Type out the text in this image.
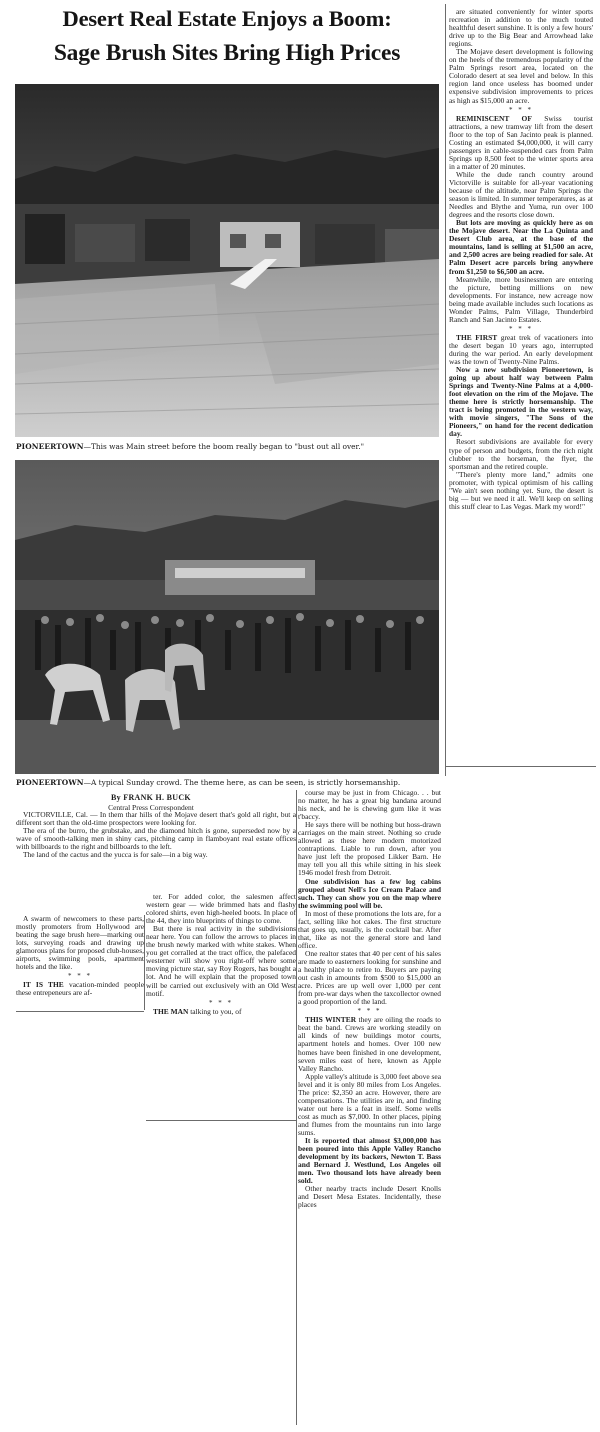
Desert Real Estate Enjoys a Boom:
Sage Brush Sites Bring High Prices
PIONEERTOWN—This was Main street before the boom really began to "bust out all over."
PIONEERTOWN—A typical Sunday crowd. The theme here, as can be seen, is strictly horsemanship.
By FRANK H. BUCK
Central Press Correspondent

VICTORVILLE, Cal. — In them thar hills of the Mojave desert that's gold all right, but a different sort than the old-time prospectors were looking for.

The era of the burro, the grubstake, and the diamond hitch is gone, superseded now by a wave of smooth-talking men in shiny cars, pitching camp in flamboyant real estate offices with billboards to the right and billboards to the left.

The land of the cactus and the yucca is for sale—in a big way.

A swarm of newcomers to these parts, mostly promoters from Hollywood are beating the sage brush here—marking out lots, surveying roads and drawing up glamorous plans for proposed club-houses, airports, swimming pools, apartment hotels and the like.

* * *

IT IS THE vacation-minded people these entrepeneurs are af-

ter. For added color, the salesmen affect western gear — wide brimmed hats and flashy colored shirts, even high-heeled boots. In place of the 44, they into blueprints of things to come.

But there is real activity in the subdivisions near here. You can follow the arrows to places in the brush newly marked with white stakes. When you get corralled at the tract office, the palefaced westerner will show you right-off where some moving picture star, say Roy Rogers, has bought a lot. And he will explain that the proposed town will be carried out exclusively with an Old West motif.

* * *

THE MAN talking to you, of

course may be just in from Chicago. . . but no matter, he has a great big bandana around his neck, and he is chewing gum like it was t'baccy.

He says there will be nothing but hoss-drawn carriages on the main street. Nothing so crude allowed as these here modern motorized contraptions. Liable to run down, after you have just left the proposed Likker Barn. He may tell you all this while sitting in his sleek 1946 model fresh from Detroit.

One subdivision has a few log cabins grouped about Nell's Ice Cream Palace and such. They can show you on the map where the swimming pool will be.

In most of these promotions the lots are, for a fact, selling like hot cakes. The first structure that goes up, usually, is the cocktail bar. After that, like as not the general store and land office.

One realtor states that 40 per cent of his sales are made to easterners looking for sunshine and a healthy place to retire to. Buyers are paying out cash in amounts from $500 to $15,000 an acre. Prices are up well over 1,000 per cent from pre-war days when the taxcollector owned a good proportion of the land.

* * *

THIS WINTER they are oiling the roads to beat the band. Crews are working steadily on all kinds of new buildings motor courts, apartment hotels and homes. Over 100 new homes have been finished in one development, seven miles east of here, known as Apple Valley Rancho.

Apple valley's altitude is 3,000 feet above sea level and it is only 80 miles from Los Angeles. The price: $2,350 an acre. However, there are compensations. The utilities are in, and finding water out here is a feat in itself. Some wells cost as much as $7,000. In other places, piping and flumes from the mountains run into large sums.

It is reported that almost $3,000,000 has been poured into this Apple Valley Rancho development by its backers, Newton T. Bass and Bernard J. Westlund, Los Angeles oil men. Two thousand lots have already been sold.

Other nearby tracts include Desert Knolls and Desert Mesa Estates. Incidentally, these places

are situated conveniently for winter sports recreation in addition to the much touted healthful desert sunshine. It is only a few hours' drive up to the Big Bear and Arrowhead lake regions.

The Mojave desert development is following on the heels of the tremendous popularity of the Palm Springs resort area, located on the Colorado desert at sea level and below. In this region land once useless has boomed under expensive subdivision improvements to prices as high as $15,000 an acre.

* * *

REMINISCENT OF Swiss tourist attractions, a new tramway lift from the desert floor to the top of San Jacinto peak is planned. Costing an estimated $4,000,000, it will carry passengers in cable-suspended cars from Palm Springs up 8,500 feet to the winter sports area in a matter of 20 minutes.

While the dude ranch country around Victorville is suitable for all-year vacationing because of the altitude, near Palm Springs the season is limited. In summer temperatures, as at Needles and Blythe and Yuma, run over 100 degrees and the resorts close down.

But lots are moving as quickly here as on the Mojave desert. Near the La Quinta and Desert Club area, at the base of the mountains, land is selling at $1,500 an acre, and 2,500 acres are being readied for sale. At Palm Desert acre parcels bring anywhere from $1,250 to $6,500 an acre.

Meanwhile, more businessmen are entering the picture, betting millions on new developments. For instance, new acreage now being made available includes such locations as Wonder Palms, Palm Village, Thunderbird Ranch and San Jacinto Estates.

* * *

THE FIRST great trek of vacationers into the desert began 10 years ago, interrupted during the war period. An early development was the town of Twenty-Nine Palms.

Now a new subdivision Pioneertown, is going up about half way between Palm Springs and Twenty-Nine Palms at a 4,000-foot elevation on the rim of the Mojave. The theme here is strictly horsemanship. The tract is being promoted in the western way, with movie singers, "The Sons of the Pioneers," on hand for the recent dedication day.

Resort subdivisions are available for every type of person and budgets, from the rich night clubber to the horseman, the flyer, the sportsman and the retired couple.

"There's plenty more land," admits one promoter, with typical optimism of his calling "We ain't seen nothing yet. Sure, the desert is big — but we need it all. We'll keep on selling this stuff clear to Las Vegas. Mark my word!"
